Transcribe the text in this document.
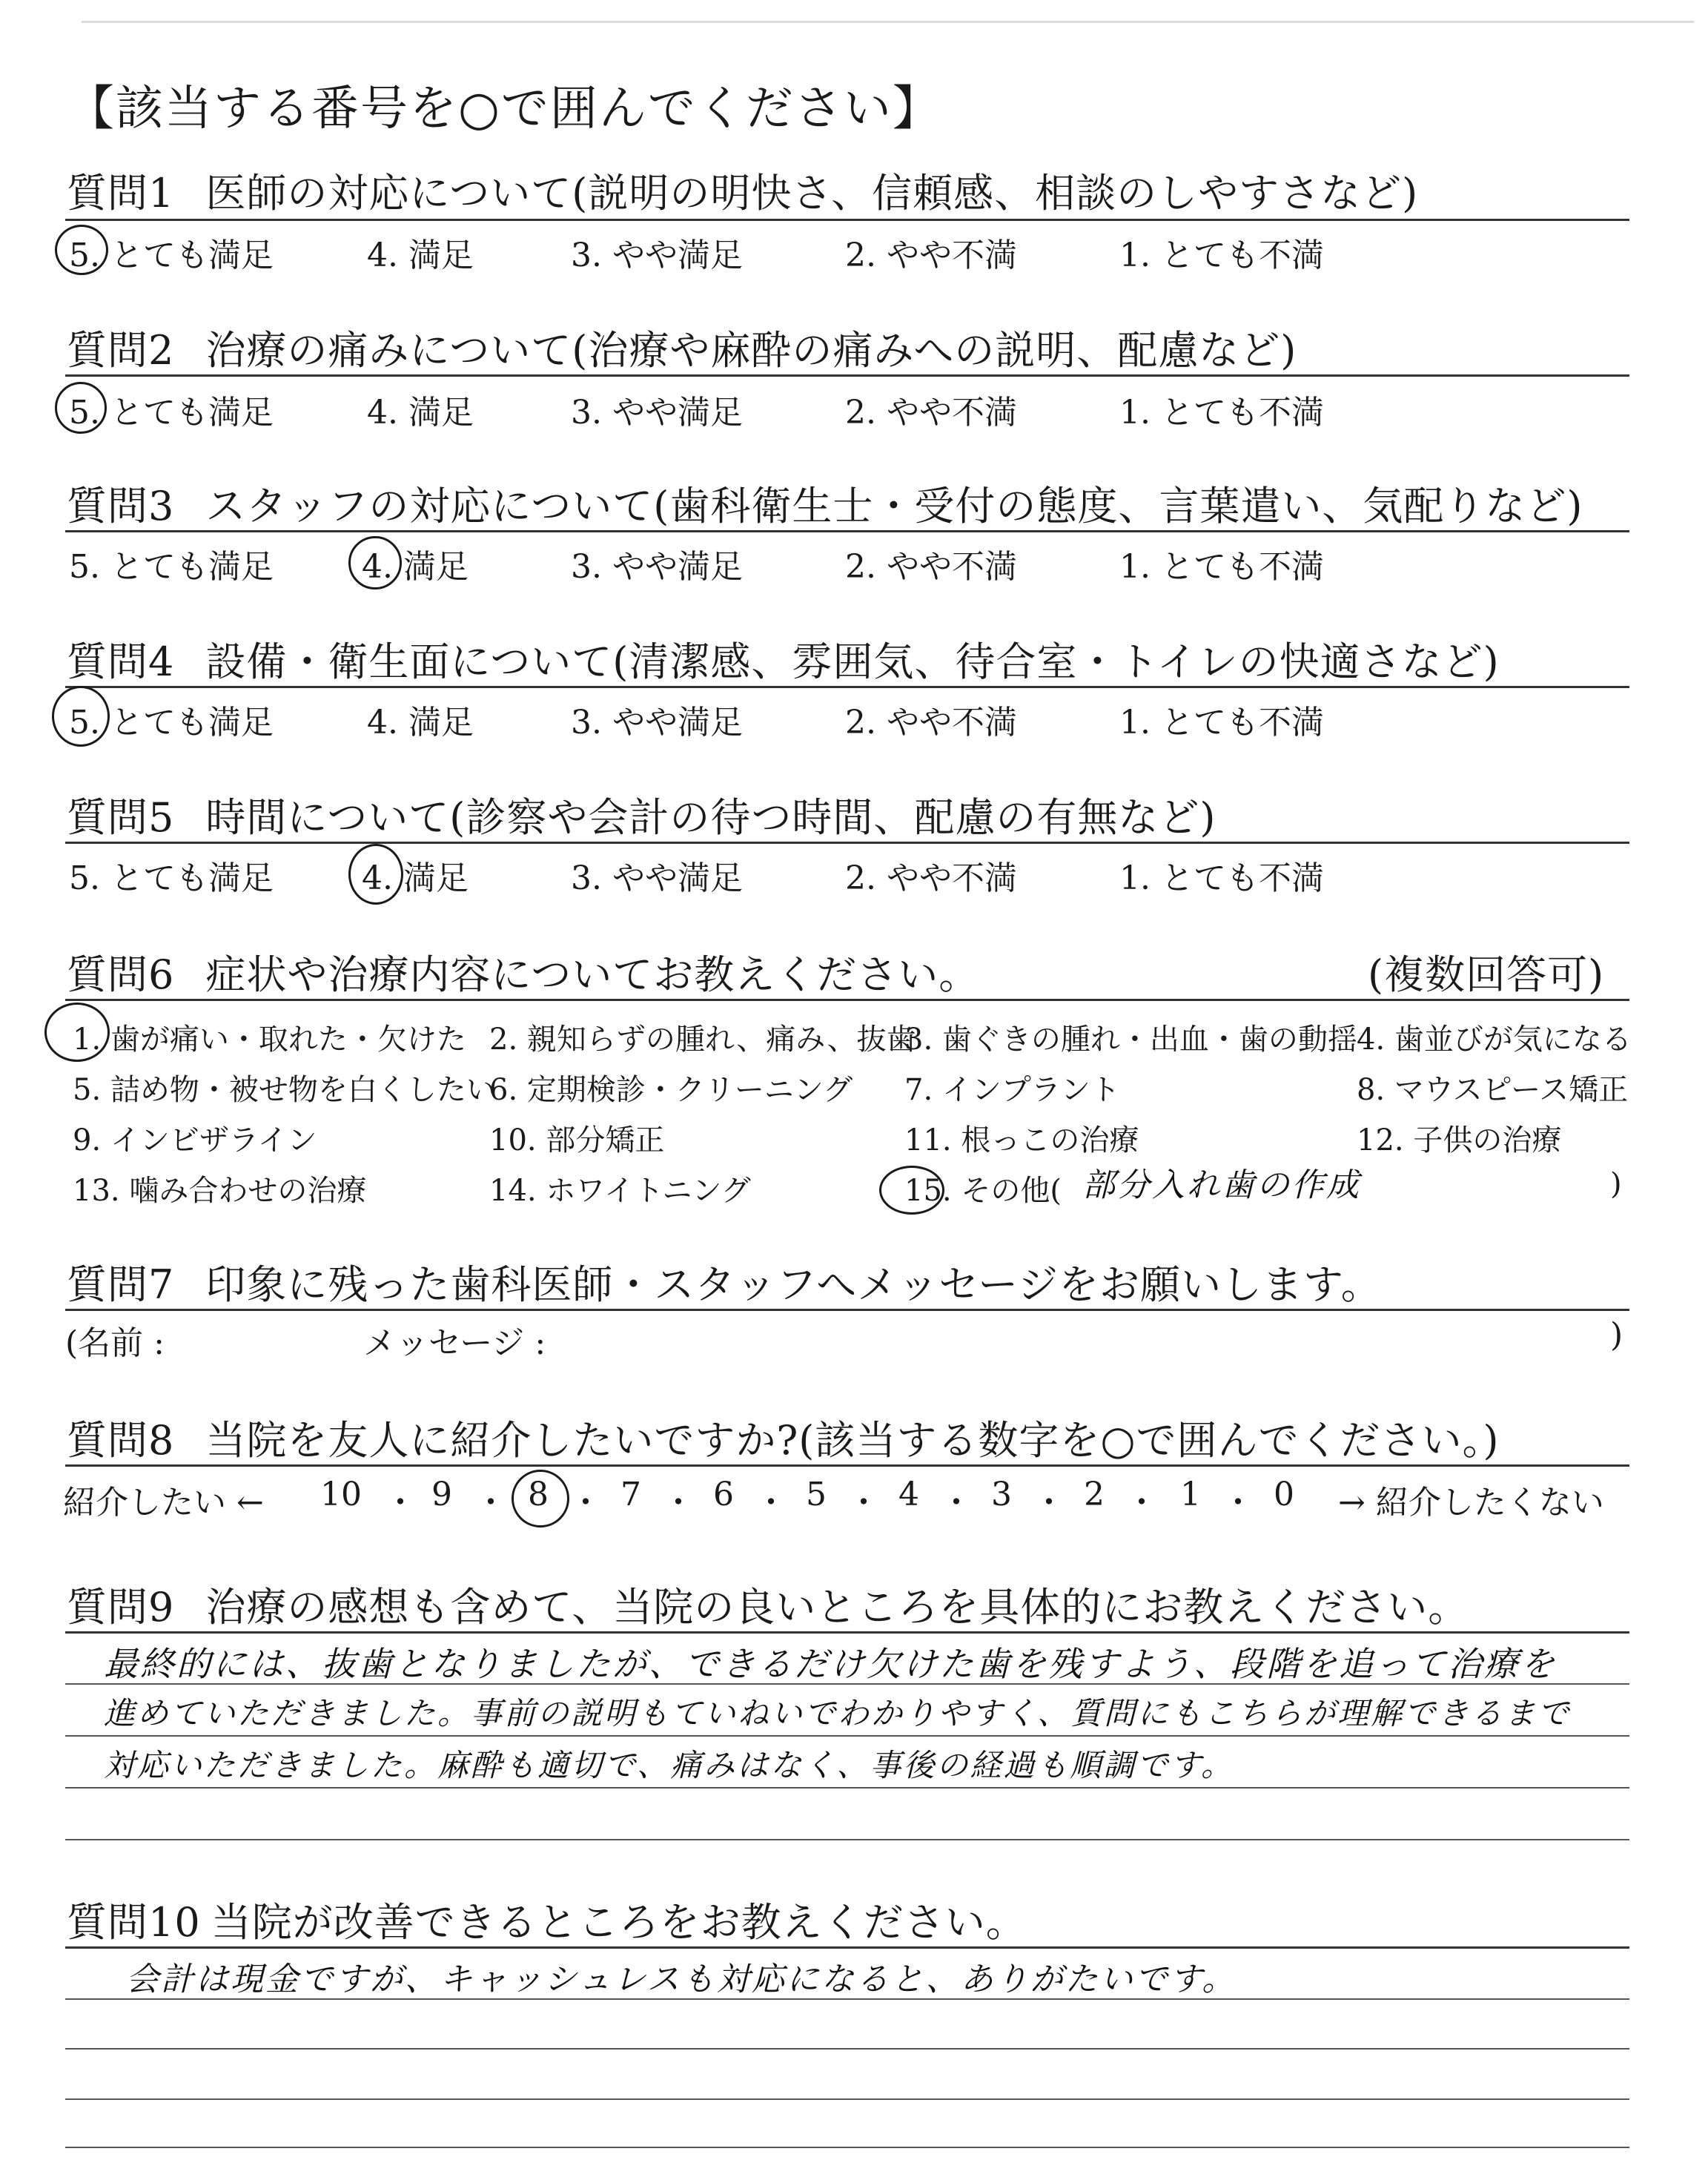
【該当する番号を○で囲んでください】
質問1 医師の対応について(説明の明快さ、信頼感、相談のしやすさなど)
5. とても満足	4. 満足	3. やや満足	2. やや不満	1. とても不満
質問2 治療の痛みについて(治療や麻酔の痛みへの説明、配慮など)
5. とても満足	4. 満足	3. やや満足	2. やや不満	1. とても不満
質問3 スタッフの対応について(歯科衛生士・受付の態度、言葉遣い、気配りなど)
5. とても満足	4. 満足	3. やや満足	2. やや不満	1. とても不満
質問4 設備・衛生面について(清潔感、雰囲気、待合室・トイレの快適さなど)
5. とても満足	4. 満足	3. やや満足	2. やや不満	1. とても不満
質問5 時間について(診察や会計の待つ時間、配慮の有無など)
5. とても満足	4. 満足	3. やや満足	2. やや不満	1. とても不満
質問6 症状や治療内容についてお教えください。	(複数回答可)
1. 歯が痛い・取れた・欠けた 2. 親知らずの腫れ、痛み、抜歯
3. 歯ぐきの腫れ・出血・歯の動揺 4. 歯並びが気になる
5. 詰め物・被せ物を白くしたい
6. 定期検診・クリーニング 7. インプラント	8. マウスピース矯正
9. インビザライン	10. 部分矯正	11. 根っこの治療	12. 子供の治療
13. 噛み合わせの治療	14. ホワイトニング	15. その他( 部分入れ歯の作成	)
質問7 印象に残った歯科医師・スタッフへメッセージをお願いします。
(名前 :	メッセージ :	)
質問8 当院を友人に紹介したいですか?(該当する数字を○で囲んでください。)
紹介したい ← 10 ・ 9 ・ 8 ・ 7 ・ 6 ・ 5 ・ 4 ・ 3 ・ 2 ・ 1 ・ 0 → 紹介したくない
質問9 治療の感想も含めて、当院の良いところを具体的にお教えください。
最終的には、抜歯となりましたが、できるだけ欠けた歯を残すよう、段階を追って治療を
進めていただきました。事前の説明もていねいでわかりやすく、質問にもこちらが理解できるまで
対応いただきました。麻酔も適切で、痛みはなく、事後の経過も順調です。
質問10 当院が改善できるところをお教えください。
会計は現金ですが、キャッシュレスも対応になると、ありがたいです。
